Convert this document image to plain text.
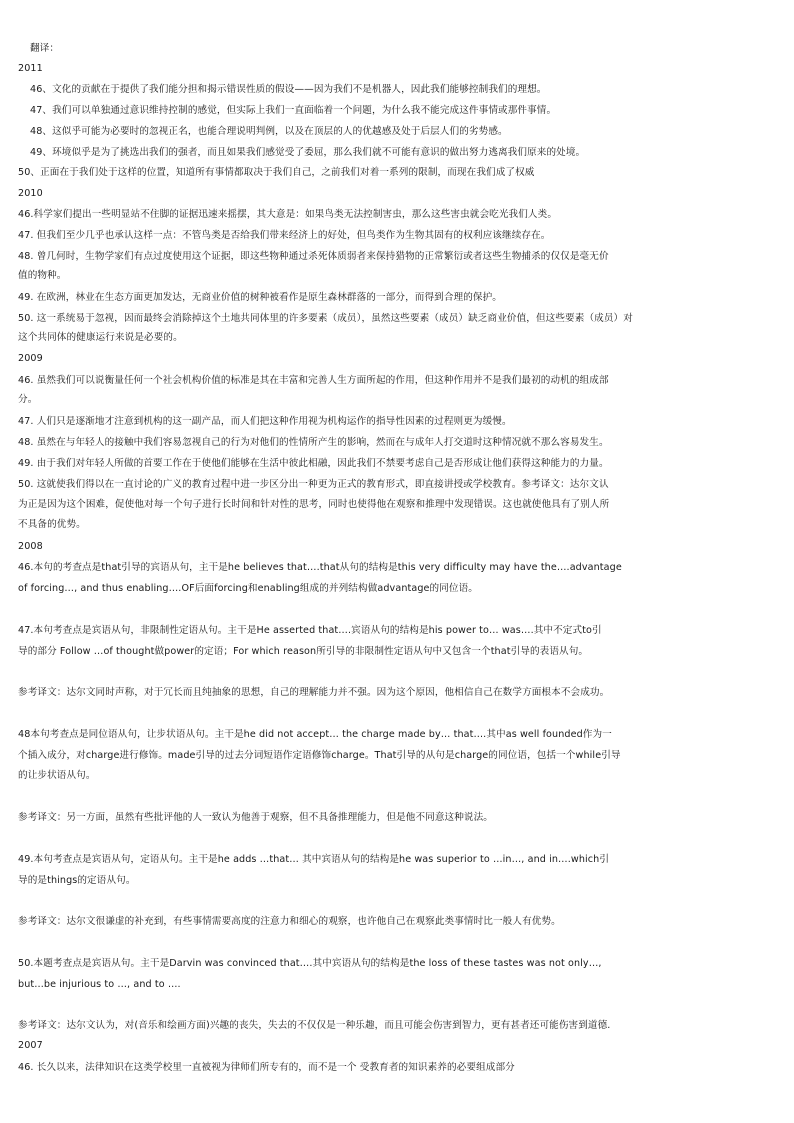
翻译：
2011
46、文化的贡献在于提供了我们能分担和揭示错误性质的假设——因为我们不是机器人，因此我们能够控制我们的理想。
47、我们可以单独通过意识维持控制的感觉，但实际上我们一直面临着一个问题，为什么我不能完成这件事情或那件事情。
48、这似乎可能为必要时的忽视正名，也能合理说明判例，以及在顶层的人的优越感及处于后层人们的劣势感。
49、环境似乎是为了挑选出我们的强者，而且如果我们感觉受了委屈，那么我们就不可能有意识的做出努力逃离我们原来的处境。
50、正面在于我们处于这样的位置，知道所有事情都取决于我们自己，之前我们对着一系列的限制，而现在我们成了权威
2010
46.科学家们提出一些明显站不住脚的证据迅速来摇摆，其大意是：如果鸟类无法控制害虫，那么这些害虫就会吃光我们人类。
47. 但我们至少几乎也承认这样一点：不管鸟类是否给我们带来经济上的好处，但鸟类作为生物其固有的权利应该继续存在。
48. 曾几何时，生物学家们有点过度使用这个证据，即这些物种通过杀死体质弱者来保持猎物的正常繁衍或者这些生物捕杀的仅仅是毫无价
值的物种。
49. 在欧洲，林业在生态方面更加发达，无商业价值的树种被看作是原生森林群落的一部分，而得到合理的保护。
50. 这一系统易于忽视，因而最终会消除掉这个土地共同体里的许多要素（成员），虽然这些要素（成员）缺乏商业价值，但这些要素（成员）对
这个共同体的健康运行来说是必要的。
2009
46. 虽然我们可以说衡量任何一个社会机构价值的标准是其在丰富和完善人生方面所起的作用，但这种作用并不是我们最初的动机的组成部
分。
47. 人们只是逐渐地才注意到机构的这一副产品，而人们把这种作用视为机构运作的指导性因素的过程则更为缓慢。
48. 虽然在与年轻人的接触中我们容易忽视自己的行为对他们的性情所产生的影响，然而在与成年人打交道时这种情况就不那么容易发生。
49. 由于我们对年轻人所做的首要工作在于使他们能够在生活中彼此相融，因此我们不禁要考虑自己是否形成让他们获得这种能力的力量。
50. 这就使我们得以在一直讨论的广义的教育过程中进一步区分出一种更为正式的教育形式，即直接讲授或学校教育。参考译文：达尔文认
为正是因为这个困难，促使他对每一个句子进行长时间和针对性的思考，同时也使得他在观察和推理中发现错误。这也就使他具有了别人所
不具备的优势。
2008
46.本句的考查点是that引导的宾语从句，主干是he believes that….that从句的结构是this very difficulty may have the….advantage
of forcing…, and thus enabling….OF后面forcing和enabling组成的并列结构做advantage的同位语。
47.本句考查点是宾语从句，非限制性定语从句。主干是He asserted that….宾语从句的结构是his power to… was….其中不定式to引
导的部分 Follow …of thought做power的定语；For which reason所引导的非限制性定语从句中又包含一个that引导的表语从句。
参考译文：达尔文同时声称，对于冗长而且纯抽象的思想，自己的理解能力并不强。因为这个原因，他相信自己在数学方面根本不会成功。
48本句考查点是同位语从句，让步状语从句。主干是he did not accept… the charge made by… that….其中as well founded作为一
个插入成分，对charge进行修饰。made引导的过去分词短语作定语修饰charge。That引导的从句是charge的同位语，包括一个while引导
的让步状语从句。
参考译文：另一方面，虽然有些批评他的人一致认为他善于观察，但不具备推理能力，但是他不同意这种说法。
49.本句考查点是宾语从句，定语从句。主干是he adds …that… 其中宾语从句的结构是he was superior to …in…, and in….which引
导的是things的定语从句。
参考译文：达尔文很谦虚的补充到，有些事情需要高度的注意力和细心的观察，也许他自己在观察此类事情时比一般人有优势。
50.本题考查点是宾语从句。主干是Darvin was convinced that….其中宾语从句的结构是the loss of these tastes was not only…,
but…be injurious to …, and to ….
参考译文：达尔文认为，对(音乐和绘画方面)兴趣的丧失，失去的不仅仅是一种乐趣，而且可能会伤害到智力，更有甚者还可能伤害到道德.
2007
46. 长久以来，法律知识在这类学校里一直被视为律师们所专有的，而不是一个 受教育者的知识素养的必要组成部分
